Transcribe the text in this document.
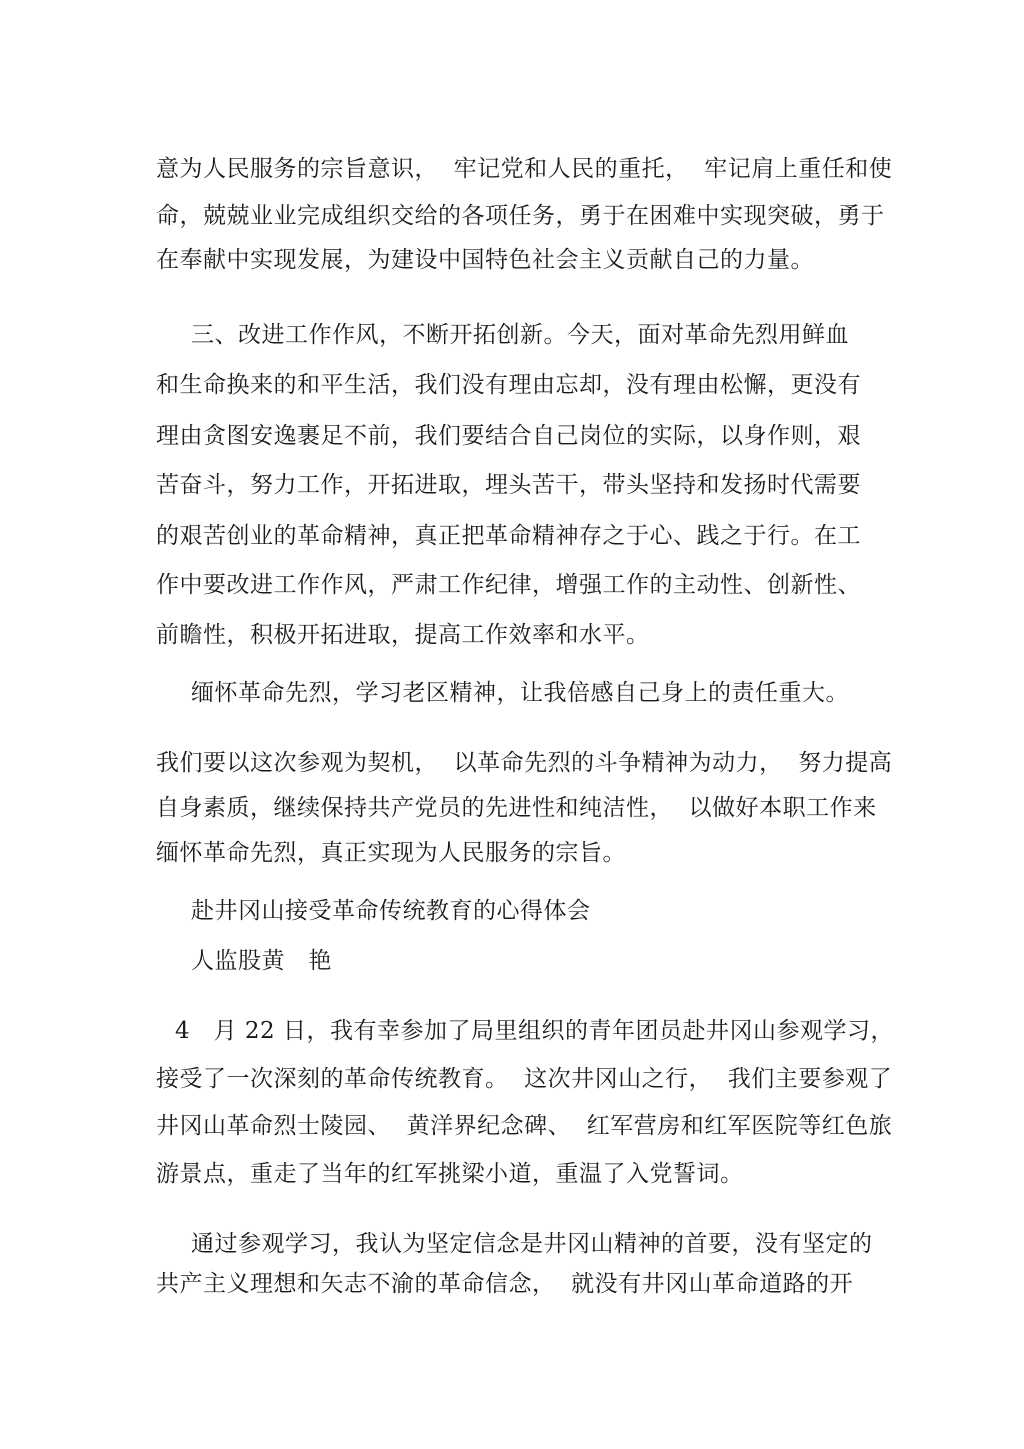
意为人民服务的宗旨意识，  牢记党和人民的重托，  牢记肩上重任和使
命，兢兢业业完成组织交给的各项任务，勇于在困难中实现突破，勇于
在奉献中实现发展，为建设中国特色社会主义贡献自己的力量。
三、改进工作作风，不断开拓创新。今天，面对革命先烈用鲜血
和生命换来的和平生活，我们没有理由忘却，没有理由松懈，更没有
理由贪图安逸裹足不前，我们要结合自己岗位的实际，以身作则，艰
苦奋斗，努力工作，开拓进取，埋头苦干，带头坚持和发扬时代需要
的艰苦创业的革命精神，真正把革命精神存之于心、践之于行。在工
作中要改进工作作风，严肃工作纪律，增强工作的主动性、创新性、
前瞻性，积极开拓进取，提高工作效率和水平。
缅怀革命先烈，学习老区精神，让我倍感自己身上的责任重大。
我们要以这次参观为契机，  以革命先烈的斗争精神为动力，  努力提高
自身素质，继续保持共产党员的先进性和纯洁性，  以做好本职工作来
缅怀革命先烈，真正实现为人民服务的宗旨。
赴井冈山接受革命传统教育的心得体会
人监股黄   艳
4   月 22 日，我有幸参加了局里组织的青年团员赴井冈山参观学习，
接受了一次深刻的革命传统教育。  这次井冈山之行，  我们主要参观了
井冈山革命烈士陵园、  黄洋界纪念碑、  红军营房和红军医院等红色旅
游景点，重走了当年的红军挑梁小道，重温了入党誓词。
通过参观学习，我认为坚定信念是井冈山精神的首要，没有坚定的
共产主义理想和矢志不渝的革命信念，  就没有井冈山革命道路的开
